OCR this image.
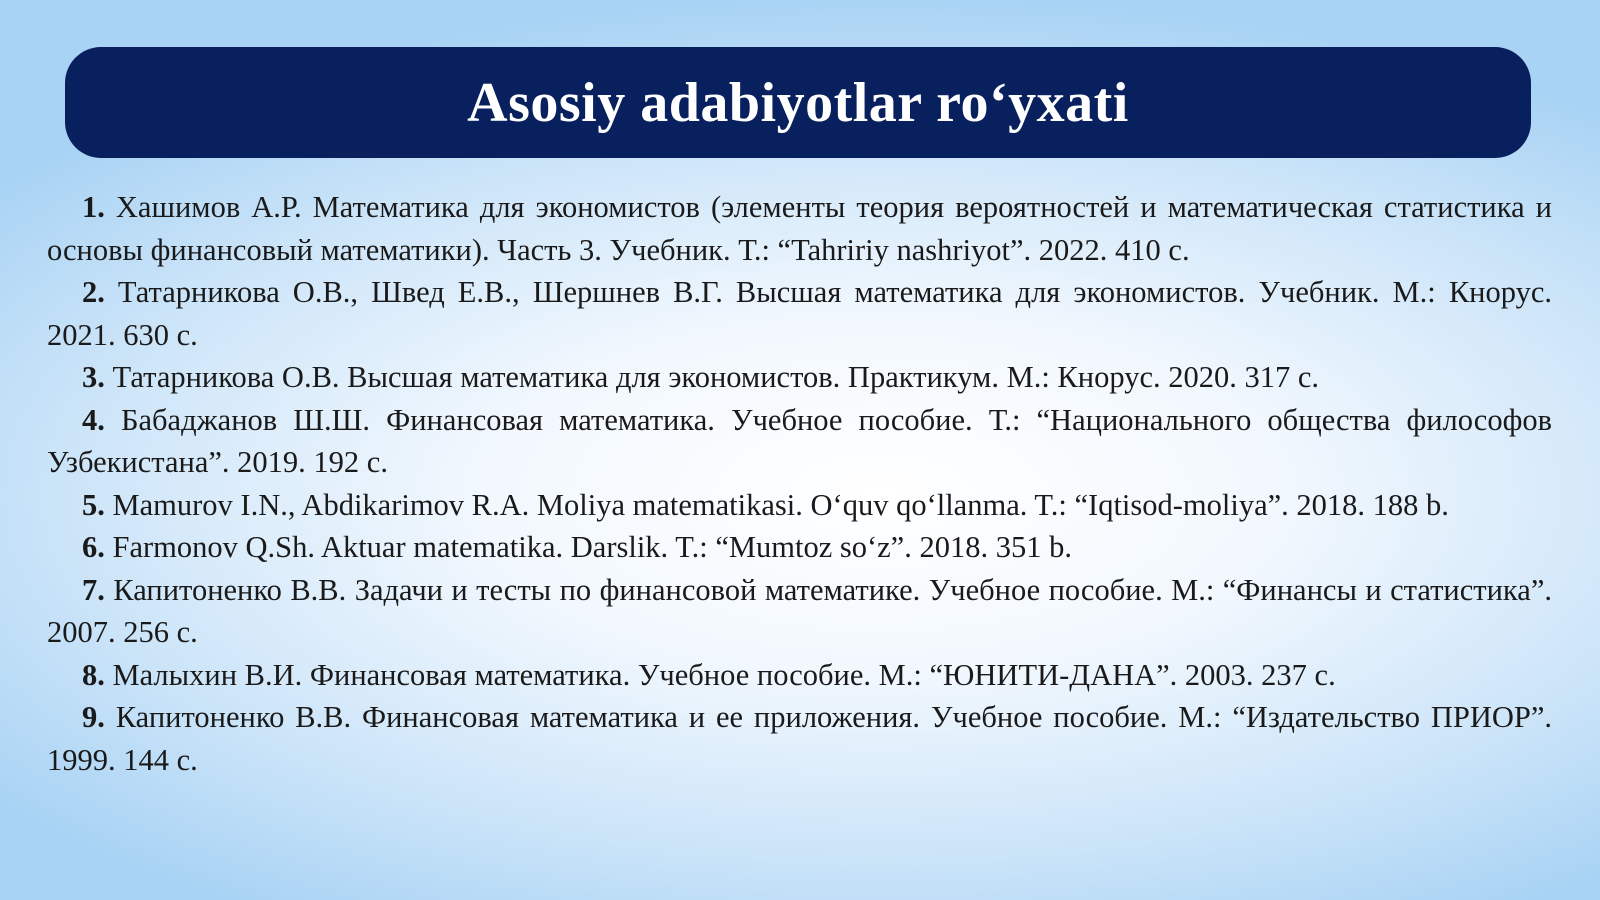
Asosiy adabiyotlar ro‘yxati
1. Хашимов А.Р. Математика для экономистов (элементы теория вероятностей и математическая статистика и основы финансовый математики). Часть 3. Учебник. Т.: “Tahririy nashriyot”. 2022. 410 с.
2. Татарникова О.В., Швед Е.В., Шершнев В.Г. Высшая математика для экономистов. Учебник. М.: Кнорус. 2021. 630 с.
3. Татарникова О.В. Высшая математика для экономистов. Практикум. М.: Кнорус. 2020. 317 с.
4. Бабаджанов Ш.Ш. Финансовая математика. Учебное пособие. Т.: “Национального общества философов Узбекистана”. 2019. 192 с.
5. Mamurov I.N., Abdikarimov R.A. Moliya matematikasi. O‘quv qo‘llanma. T.: “Iqtisod-moliya”. 2018. 188 b.
6. Farmonov Q.Sh. Aktuar matematika. Darslik. T.: “Mumtoz so‘z”. 2018. 351 b.
7. Капитоненко В.В. Задачи и тесты по финансовой математике. Учебное пособие. М.: “Финансы и статистика”. 2007. 256 с.
8. Малыхин В.И. Финансовая математика. Учебное пособие. М.: “ЮНИТИ-ДАНА”. 2003. 237 с.
9. Капитоненко В.В. Финансовая математика и ее приложения. Учебное пособие. М.: “Издательство ПРИОР”. 1999. 144 с.
